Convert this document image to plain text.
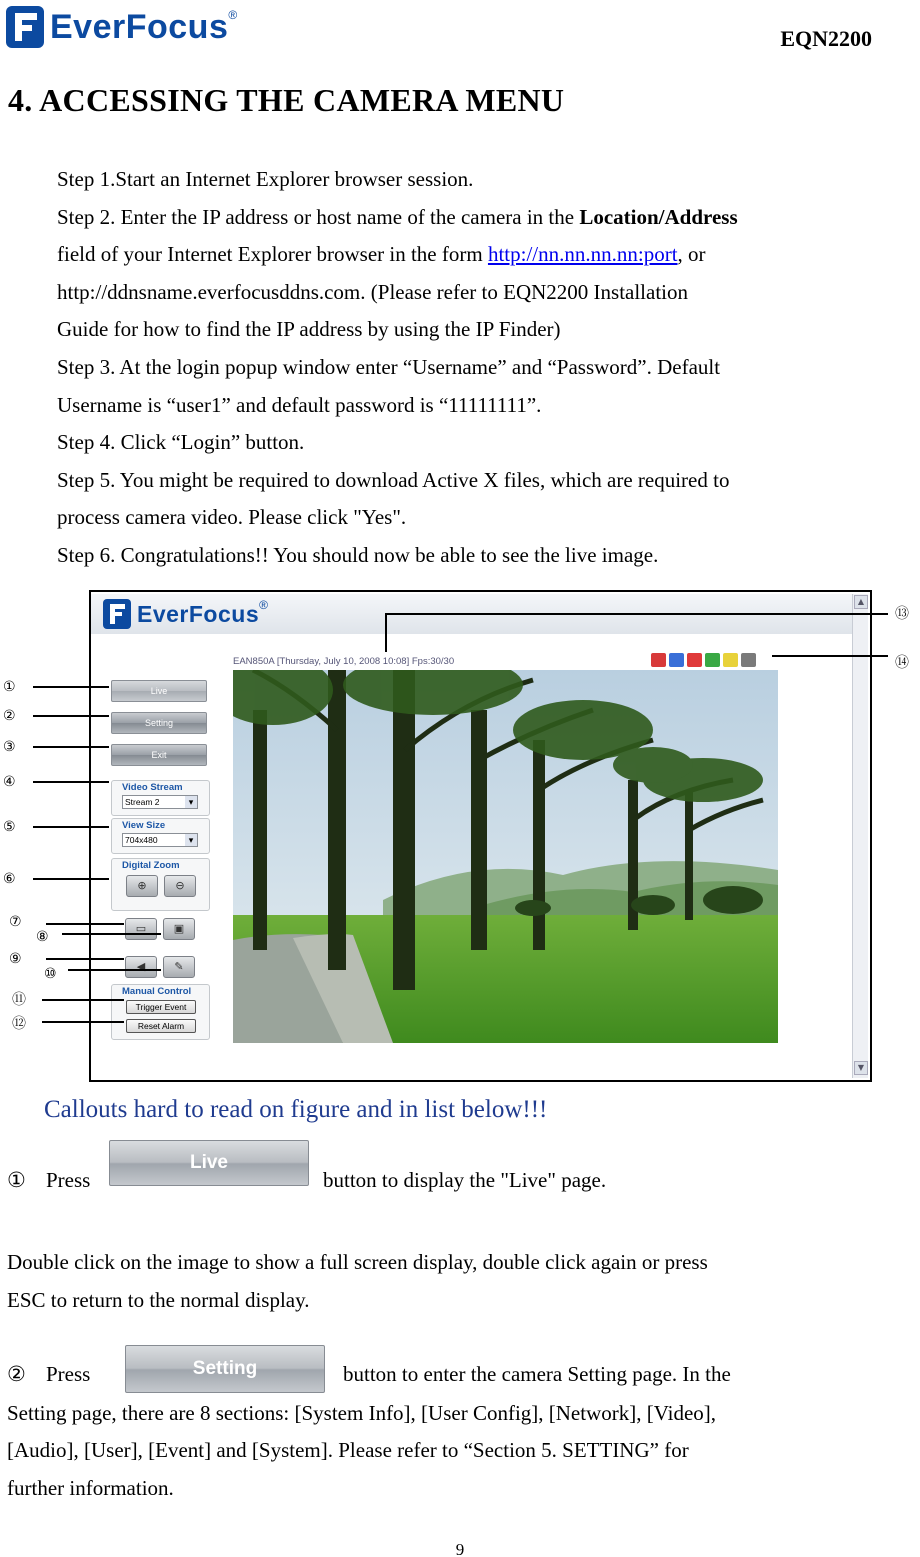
EverFocus ®
EQN2200
4. ACCESSING THE CAMERA MENU

Step 1.Start an Internet Explorer browser session.

Step 2. Enter the IP address or host name of the camera in the Location/Address

field of your Internet Explorer browser in the form http://nn.nn.nn.nn:port, or

http://ddnsname.everfocusddns.com. (Please refer to EQN2200 Installation

Guide for how to find the IP address by using the IP Finder)

Step 3. At the login popup window enter “Username” and “Password”. Default

Username is “user1” and default password is “11111111”.

Step 4. Click “Login” button.

Step 5. You might be required to download Active X files, which are required to

process camera video. Please click "Yes".

Step 6. Congratulations!! You should now be able to see the live image.

EverFocus ®	▲
▼
EAN850A [Thursday, July 10, 2008 10:08] Fps:30/30
Live
Setting
Exit
Video Stream
Stream 2 ▾
View Size
704x480 ▾
Digital Zoom
⊕	⊖
▭	▣
◀	✎
Manual Control
Trigger Event
Reset Alarm
①
②
③
④
⑤
⑥
⑦
⑧
⑨
⑩
⑪
⑫
⑬
⑭
Callouts hard to read on figure and in list below!!!
① Press
Live
button to display the "Live" page.
Double click on the image to show a full screen display, double click again or press
ESC to return to the normal display.
② Press	Setting	button to enter the camera Setting page. In the
Setting page, there are 8 sections: [System Info], [User Config], [Network], [Video],
[Audio], [User], [Event] and [System]. Please refer to “Section 5. SETTING” for
further information.
9
